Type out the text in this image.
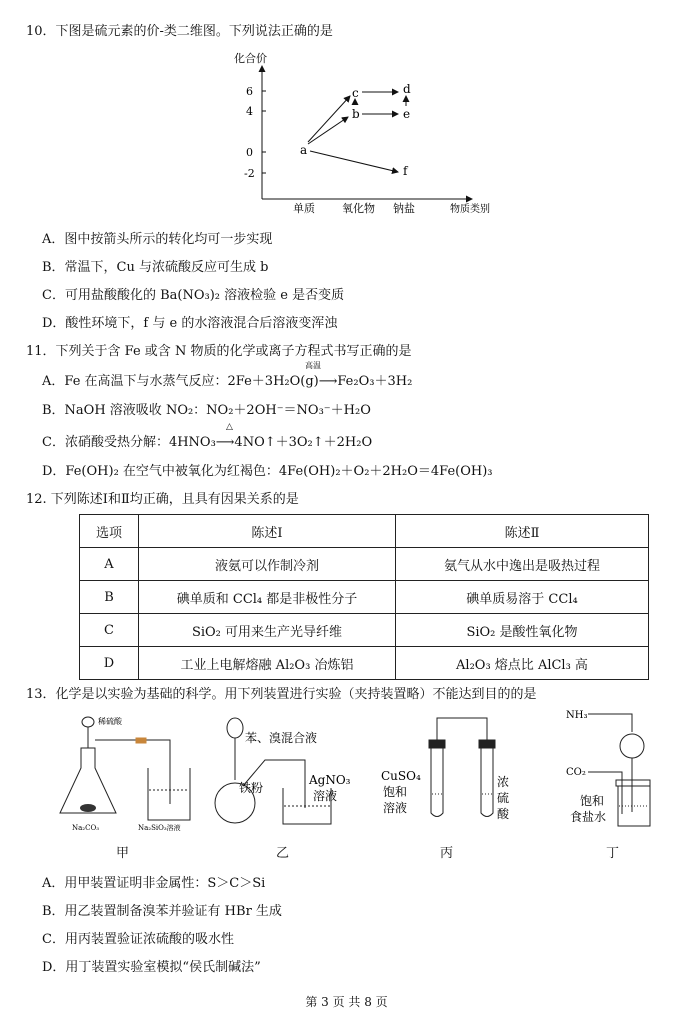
10．下图是硫元素的价-类二维图。下列说法正确的是
化合价
6
4
0
-2
单质 氧化物 钠盐	物质类别
a
b
c	d
e
f
A．图中按箭头所示的转化均可一步实现
B．常温下，Cu 与浓硫酸反应可生成 b
C．可用盐酸酸化的 Ba(NO₃)₂ 溶液检验 e 是否变质
D．酸性环境下，f 与 e 的水溶液混合后溶液变浑浊
11．下列关于含 Fe 或含 N 物质的化学或离子方程式书写正确的是
高温
A．Fe 在高温下与水蒸气反应：2Fe＋3H₂O(g)⟶Fe₂O₃＋3H₂
B．NaOH 溶液吸收 NO₂：NO₂＋2OH⁻＝NO₃⁻＋H₂O
△
C．浓硝酸受热分解：4HNO₃⟶4NO↑＋3O₂↑＋2H₂O
D．Fe(OH)₂ 在空气中被氧化为红褐色：4Fe(OH)₂＋O₂＋2H₂O＝4Fe(OH)₃
12. 下列陈述Ⅰ和Ⅱ均正确，且具有因果关系的是
选项	陈述Ⅰ	陈述Ⅱ
A	液氨可以作制冷剂	氨气从水中逸出是吸热过程
B	碘单质和 CCl₄ 都是非极性分子	碘单质易溶于 CCl₄
C	SiO₂ 可用来生产光导纤维	SiO₂ 是酸性氧化物
D	工业上电解熔融 Al₂O₃ 冶炼铝	Al₂O₃ 熔点比 AlCl₃ 高
13．化学是以实验为基础的科学。用下列装置进行实验（夹持装置略）不能达到目的的是
稀硫酸
Na₂CO₃	Na₂SiO₃溶液
苯、溴混合液
铁粉
AgNO₃
溶液
CuSO₄
饱和
溶液
浓
硫
酸
NH₃
CO₂
饱和
食盐水
甲	乙	丙	丁
A．用甲装置证明非金属性：S＞C＞Si
B．用乙装置制备溴苯并验证有 HBr 生成
C．用丙装置验证浓硫酸的吸水性
D．用丁装置实验室模拟“侯氏制碱法”
第 3 页 共 8 页
